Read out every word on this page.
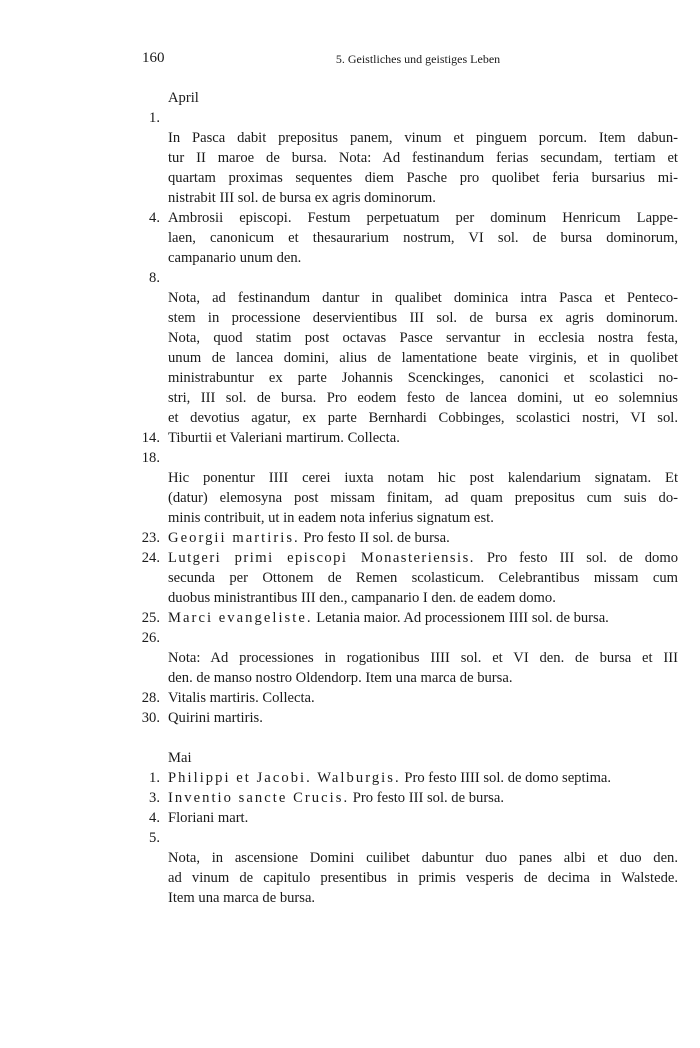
160	5. Geistliches und geistiges Leben

April

1.
In Pasca dabit prepositus panem, vinum et pinguem porcum. Item dabun-
tur II maroe de bursa. Nota: Ad festinandum ferias secundam, tertiam et
quartam proximas sequentes diem Pasche pro quolibet feria bursarius mi-
nistrabit III sol. de bursa ex agris dominorum.
4. Ambrosii episcopi. Festum perpetuatum per dominum Henricum Lappe-
laen, canonicum et thesaurarium nostrum, VI sol. de bursa dominorum,
campanario unum den.
8.
Nota, ad festinandum dantur in qualibet dominica intra Pasca et Penteco-
stem in processione deservientibus III sol. de bursa ex agris dominorum.
Nota, quod statim post octavas Pasce servantur in ecclesia nostra festa,
unum de lancea domini, alius de lamentatione beate virginis, et in quolibet
ministrabuntur ex parte Johannis Scenckinges, canonici et scolastici no-
stri, III sol. de bursa. Pro eodem festo de lancea domini, ut eo solemnius
et devotius agatur, ex parte Bernhardi Cobbinges, scolastici nostri, VI sol.
14. Tiburtii et Valeriani martirum. Collecta.
18.
Hic ponentur IIII cerei iuxta notam hic post kalendarium signatam. Et
(datur) elemosyna post missam finitam, ad quam prepositus cum suis do-
minis contribuit, ut in eadem nota inferius signatum est.
23. Georgii martiris. Pro festo II sol. de bursa.
24. Lutgeri primi episcopi Monasteriensis. Pro festo III sol. de domo
secunda per Ottonem de Remen scolasticum. Celebrantibus missam cum
duobus ministrantibus III den., campanario I den. de eadem domo.
25. Marci evangeliste. Letania maior. Ad processionem IIII sol. de bursa.
26.
Nota: Ad processiones in rogationibus IIII sol. et VI den. de bursa et III
den. de manso nostro Oldendorp. Item una marca de bursa.
28. Vitalis martiris. Collecta.
30. Quirini martiris.

Mai

1. Philippi et Jacobi. Walburgis. Pro festo IIII sol. de domo septima.
3. Inventio sancte Crucis. Pro festo III sol. de bursa.
4. Floriani mart.
5.
Nota, in ascensione Domini cuilibet dabuntur duo panes albi et duo den.
ad vinum de capitulo presentibus in primis vesperis de decima in Walstede.
Item una marca de bursa.
